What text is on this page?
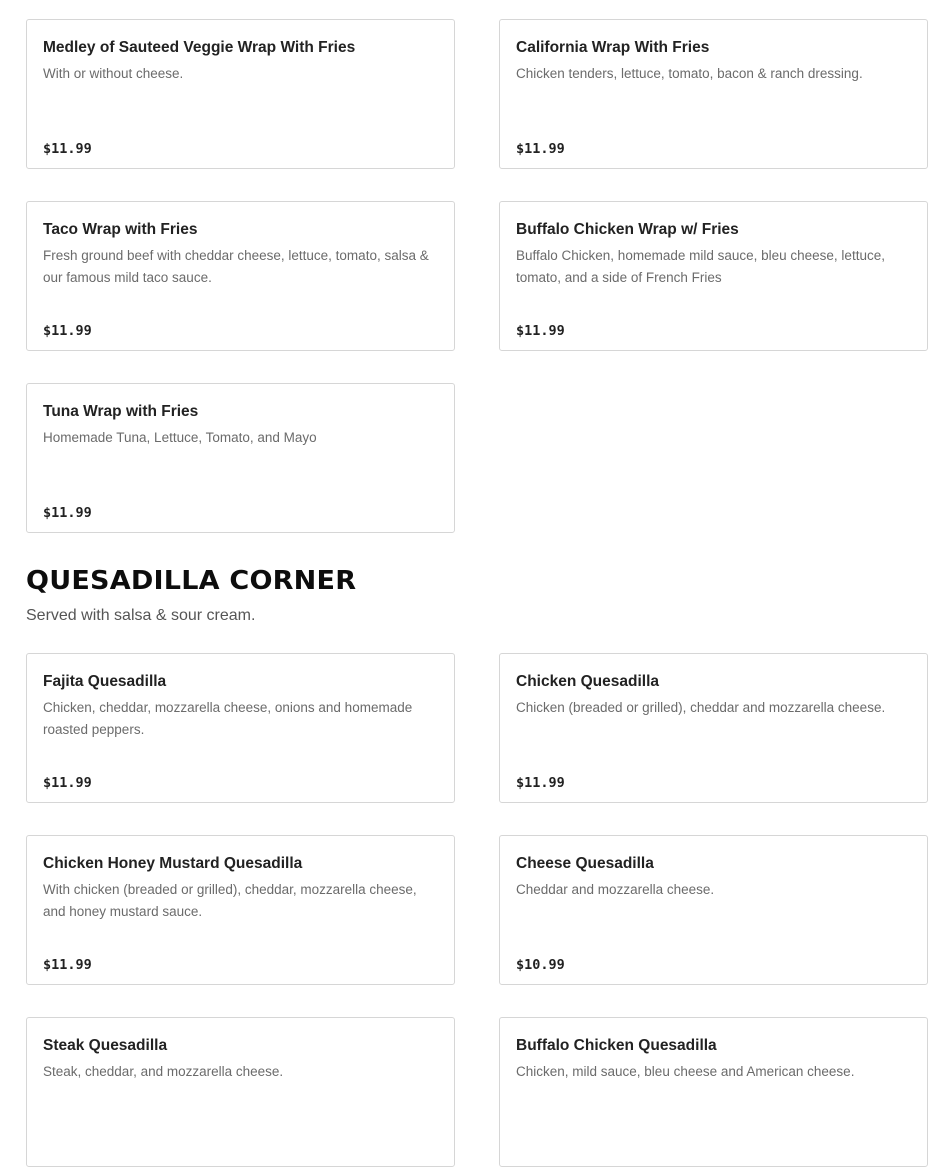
Medley of Sauteed Veggie Wrap With Fries

With or without cheese.

$11.99
California Wrap With Fries

Chicken tenders, lettuce, tomato, bacon & ranch dressing.

$11.99
Taco Wrap with Fries

Fresh ground beef with cheddar cheese, lettuce, tomato, salsa & our famous mild taco sauce.

$11.99
Buffalo Chicken Wrap w/ Fries

Buffalo Chicken, homemade mild sauce, bleu cheese, lettuce, tomato, and a side of French Fries

$11.99
Tuna Wrap with Fries

Homemade Tuna, Lettuce, Tomato, and Mayo

$11.99
QUESADILLA CORNER

Served with salsa & sour cream.

Fajita Quesadilla

Chicken, cheddar, mozzarella cheese, onions and homemade roasted peppers.

$11.99
Chicken Quesadilla

Chicken (breaded or grilled), cheddar and mozzarella cheese.

$11.99
Chicken Honey Mustard Quesadilla

With chicken (breaded or grilled), cheddar, mozzarella cheese, and honey mustard sauce.

$11.99
Cheese Quesadilla

Cheddar and mozzarella cheese.

$10.99
Steak Quesadilla

Steak, cheddar, and mozzarella cheese.

Buffalo Chicken Quesadilla

Chicken, mild sauce, bleu cheese and American cheese.
